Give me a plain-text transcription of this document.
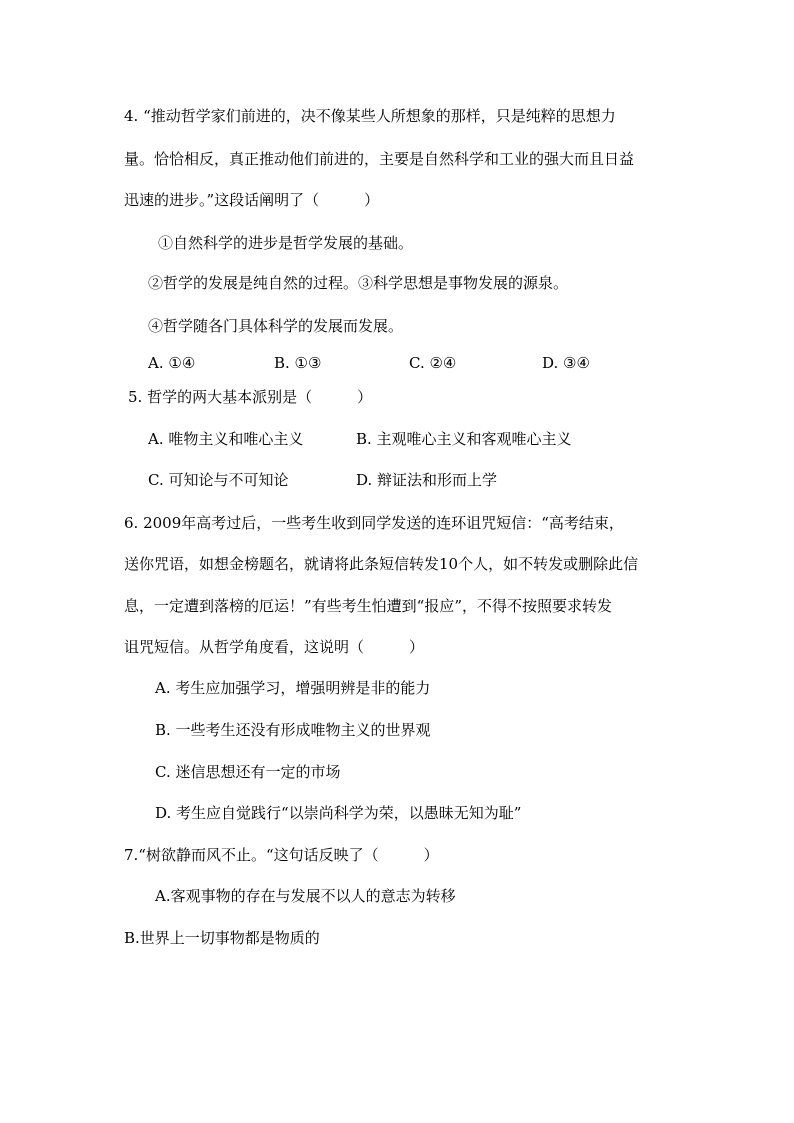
4. “推动哲学家们前进的，决不像某些人所想象的那样，只是纯粹的思想力
量。恰恰相反，真正推动他们前进的，主要是自然科学和工业的强大而且日益
迅速的进步。”这段话阐明了（　　　）
①自然科学的进步是哲学发展的基础。
②哲学的发展是纯自然的过程。③科学思想是事物发展的源泉。
④哲学随各门具体科学的发展而发展。
A. ①④	B. ①③	C. ②④	D. ③④
5. 哲学的两大基本派别是（　　　）
A. 唯物主义和唯心主义	B. 主观唯心主义和客观唯心主义
C. 可知论与不可知论	D. 辩证法和形而上学
6. 2009年高考过后，一些考生收到同学发送的连环诅咒短信：“高考结束，
送你咒语，如想金榜题名，就请将此条短信转发10个人，如不转发或删除此信
息，一定遭到落榜的厄运！”有些考生怕遭到“报应”，不得不按照要求转发
诅咒短信。从哲学角度看，这说明（　　　）
A. 考生应加强学习，增强明辨是非的能力
B. 一些考生还没有形成唯物主义的世界观
C. 迷信思想还有一定的市场
D. 考生应自觉践行“以崇尚科学为荣，以愚昧无知为耻”
7.“树欲静而风不止。“这句话反映了（　　　）
A.客观事物的存在与发展不以人的意志为转移
B.世界上一切事物都是物质的
